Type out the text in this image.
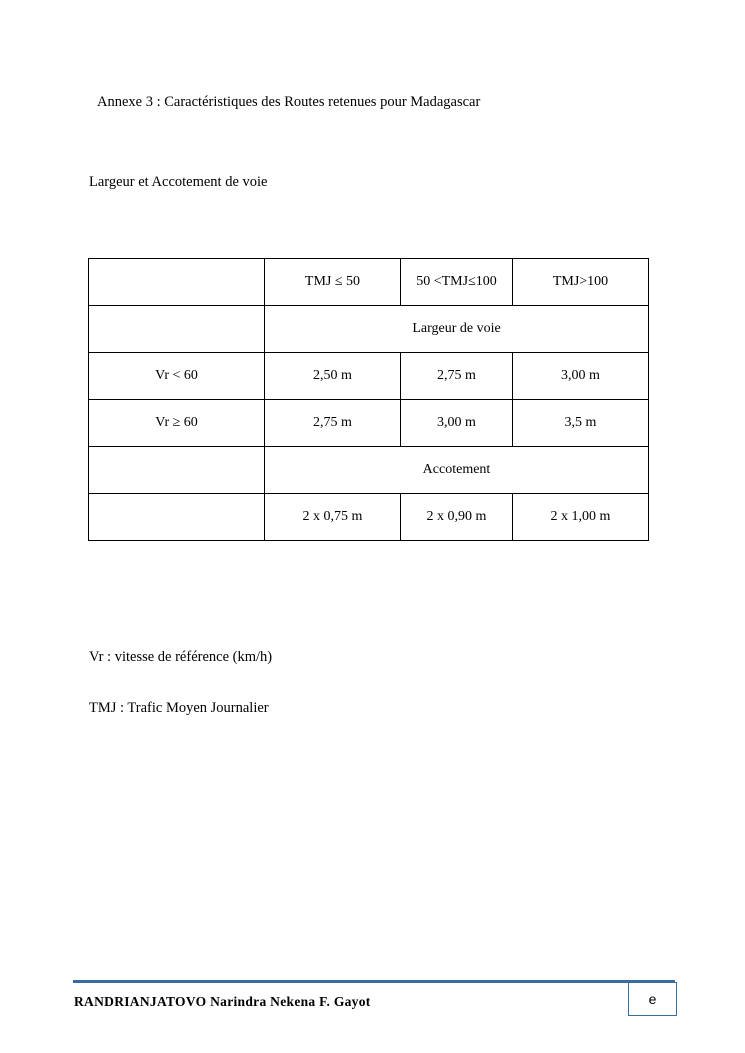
Annexe 3 : Caractéristiques des Routes retenues pour Madagascar
Largeur et Accotement de voie
	TMJ ≤ 50	50 <TMJ≤100	TMJ>100
	Largeur de voie		
Vr < 60	2,50 m	2,75 m	3,00 m
Vr ≥ 60	2,75 m	3,00 m	3,5 m
	Accotement		
	2 x 0,75 m	2 x 0,90 m	2 x 1,00 m
Vr : vitesse de référence (km/h)
TMJ : Trafic Moyen Journalier
RANDRIANJATOVO Narindra Nekena F. Gayot	e
